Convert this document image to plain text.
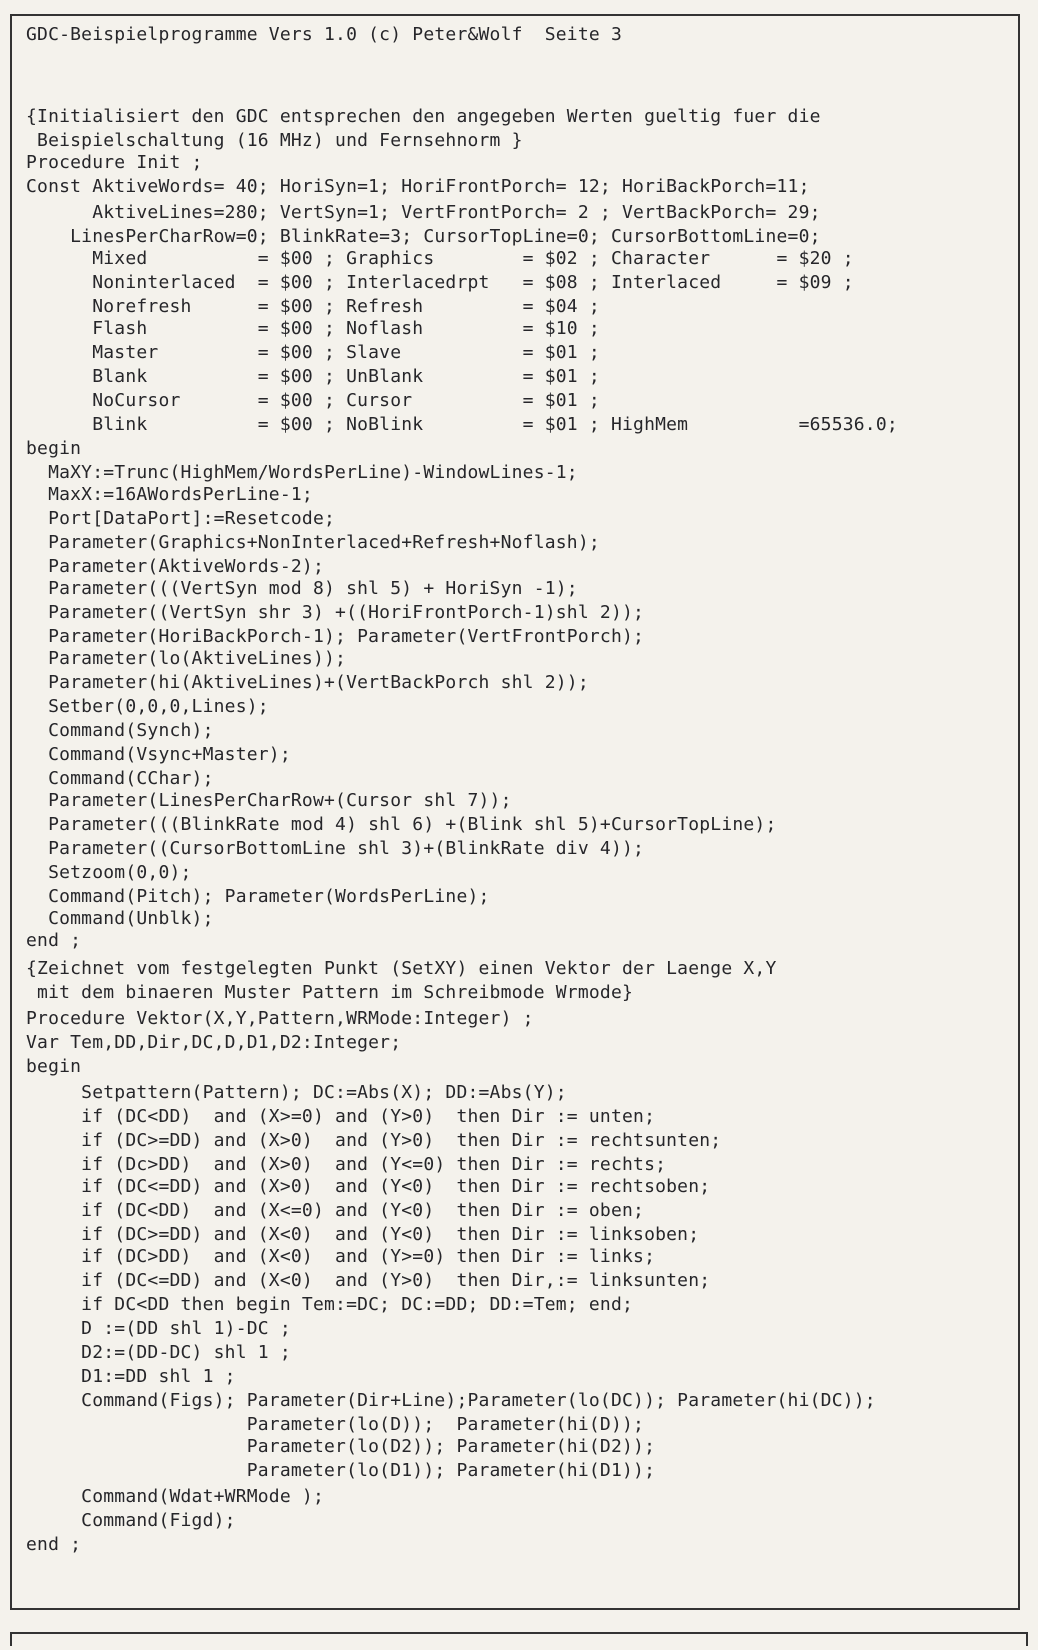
GDC-Beispielprogramme Vers 1.0 (c) Peter&Wolf  Seite 3
{Initialisiert den GDC entsprechen den angegeben Werten gueltig fuer die
Beispielschaltung (16 MHz) und Fernsehnorm }
Procedure Init ;
Const AktiveWords= 40; HoriSyn=1; HoriFrontPorch= 12; HoriBackPorch=11;
AktiveLines=280; VertSyn=1; VertFrontPorch= 2 ; VertBackPorch= 29;
LinesPerCharRow=0; BlinkRate=3; CursorTopLine=0; CursorBottomLine=0;
Mixed          = $00 ; Graphics        = $02 ; Character      = $20 ;
Noninterlaced  = $00 ; Interlacedrpt   = $08 ; Interlaced     = $09 ;
Norefresh      = $00 ; Refresh         = $04 ;
Flash          = $00 ; Noflash         = $10 ;
Master         = $00 ; Slave           = $01 ;
Blank          = $00 ; UnBlank         = $01 ;
NoCursor       = $00 ; Cursor          = $01 ;
Blink          = $00 ; NoBlink         = $01 ; HighMem          =65536.0;
begin
MaXY:=Trunc(HighMem/WordsPerLine)-WindowLines-1;
MaxX:=16AWordsPerLine-1;
Port[DataPort]:=Resetcode;
Parameter(Graphics+NonInterlaced+Refresh+Noflash);
Parameter(AktiveWords-2);
Parameter(((VertSyn mod 8) shl 5) + HoriSyn -1);
Parameter((VertSyn shr 3) +((HoriFrontPorch-1)shl 2));
Parameter(HoriBackPorch-1); Parameter(VertFrontPorch);
Parameter(lo(AktiveLines));
Parameter(hi(AktiveLines)+(VertBackPorch shl 2));
Setber(0,0,0,Lines);
Command(Synch);
Command(Vsync+Master);
Command(CChar);
Parameter(LinesPerCharRow+(Cursor shl 7));
Parameter(((BlinkRate mod 4) shl 6) +(Blink shl 5)+CursorTopLine);
Parameter((CursorBottomLine shl 3)+(BlinkRate div 4));
Setzoom(0,0);
Command(Pitch); Parameter(WordsPerLine);
Command(Unblk);
end ;
{Zeichnet vom festgelegten Punkt (SetXY) einen Vektor der Laenge X,Y
mit dem binaeren Muster Pattern im Schreibmode Wrmode}
Procedure Vektor(X,Y,Pattern,WRMode:Integer) ;
Var Tem,DD,Dir,DC,D,D1,D2:Integer;
begin
Setpattern(Pattern); DC:=Abs(X); DD:=Abs(Y);
if (DC<DD)  and (X>=0) and (Y>0)  then Dir := unten;
if (DC>=DD) and (X>0)  and (Y>0)  then Dir := rechtsunten;
if (Dc>DD)  and (X>0)  and (Y<=0) then Dir := rechts;
if (DC<=DD) and (X>0)  and (Y<0)  then Dir := rechtsoben;
if (DC<DD)  and (X<=0) and (Y<0)  then Dir := oben;
if (DC>=DD) and (X<0)  and (Y<0)  then Dir := linksoben;
if (DC>DD)  and (X<0)  and (Y>=0) then Dir := links;
if (DC<=DD) and (X<0)  and (Y>0)  then Dir,:= linksunten;
if DC<DD then begin Tem:=DC; DC:=DD; DD:=Tem; end;
D :=(DD shl 1)-DC ;
D2:=(DD-DC) shl 1 ;
D1:=DD shl 1 ;
Command(Figs); Parameter(Dir+Line);Parameter(lo(DC)); Parameter(hi(DC));
Parameter(lo(D));  Parameter(hi(D));
Parameter(lo(D2)); Parameter(hi(D2));
Parameter(lo(D1)); Parameter(hi(D1));
Command(Wdat+WRMode );
Command(Figd);
end ;
